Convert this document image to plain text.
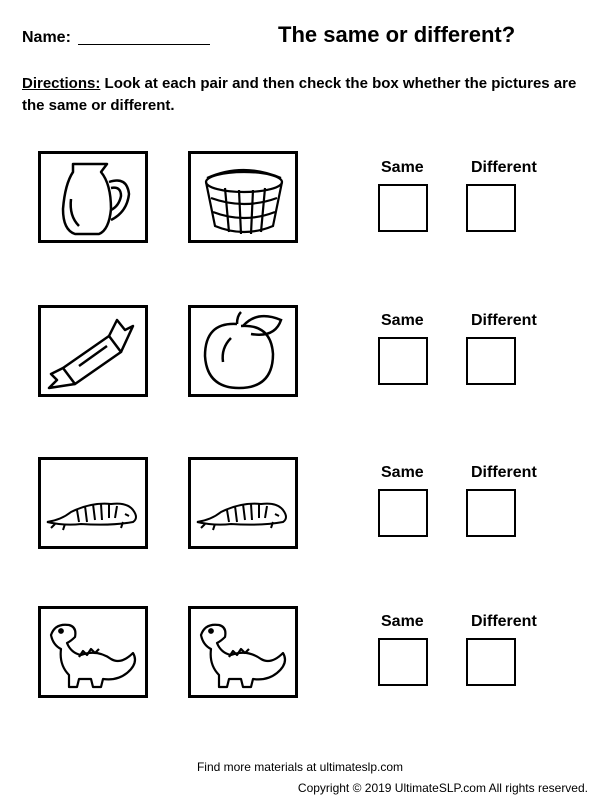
Name:	The same or different?
Directions: Look at each pair and then check the box whether the pictures are the same or different.
Same	Different
Same	Different
Same	Different
Same	Different
Find more materials at ultimateslp.com
Copyright © 2019 UltimateSLP.com All rights reserved.
